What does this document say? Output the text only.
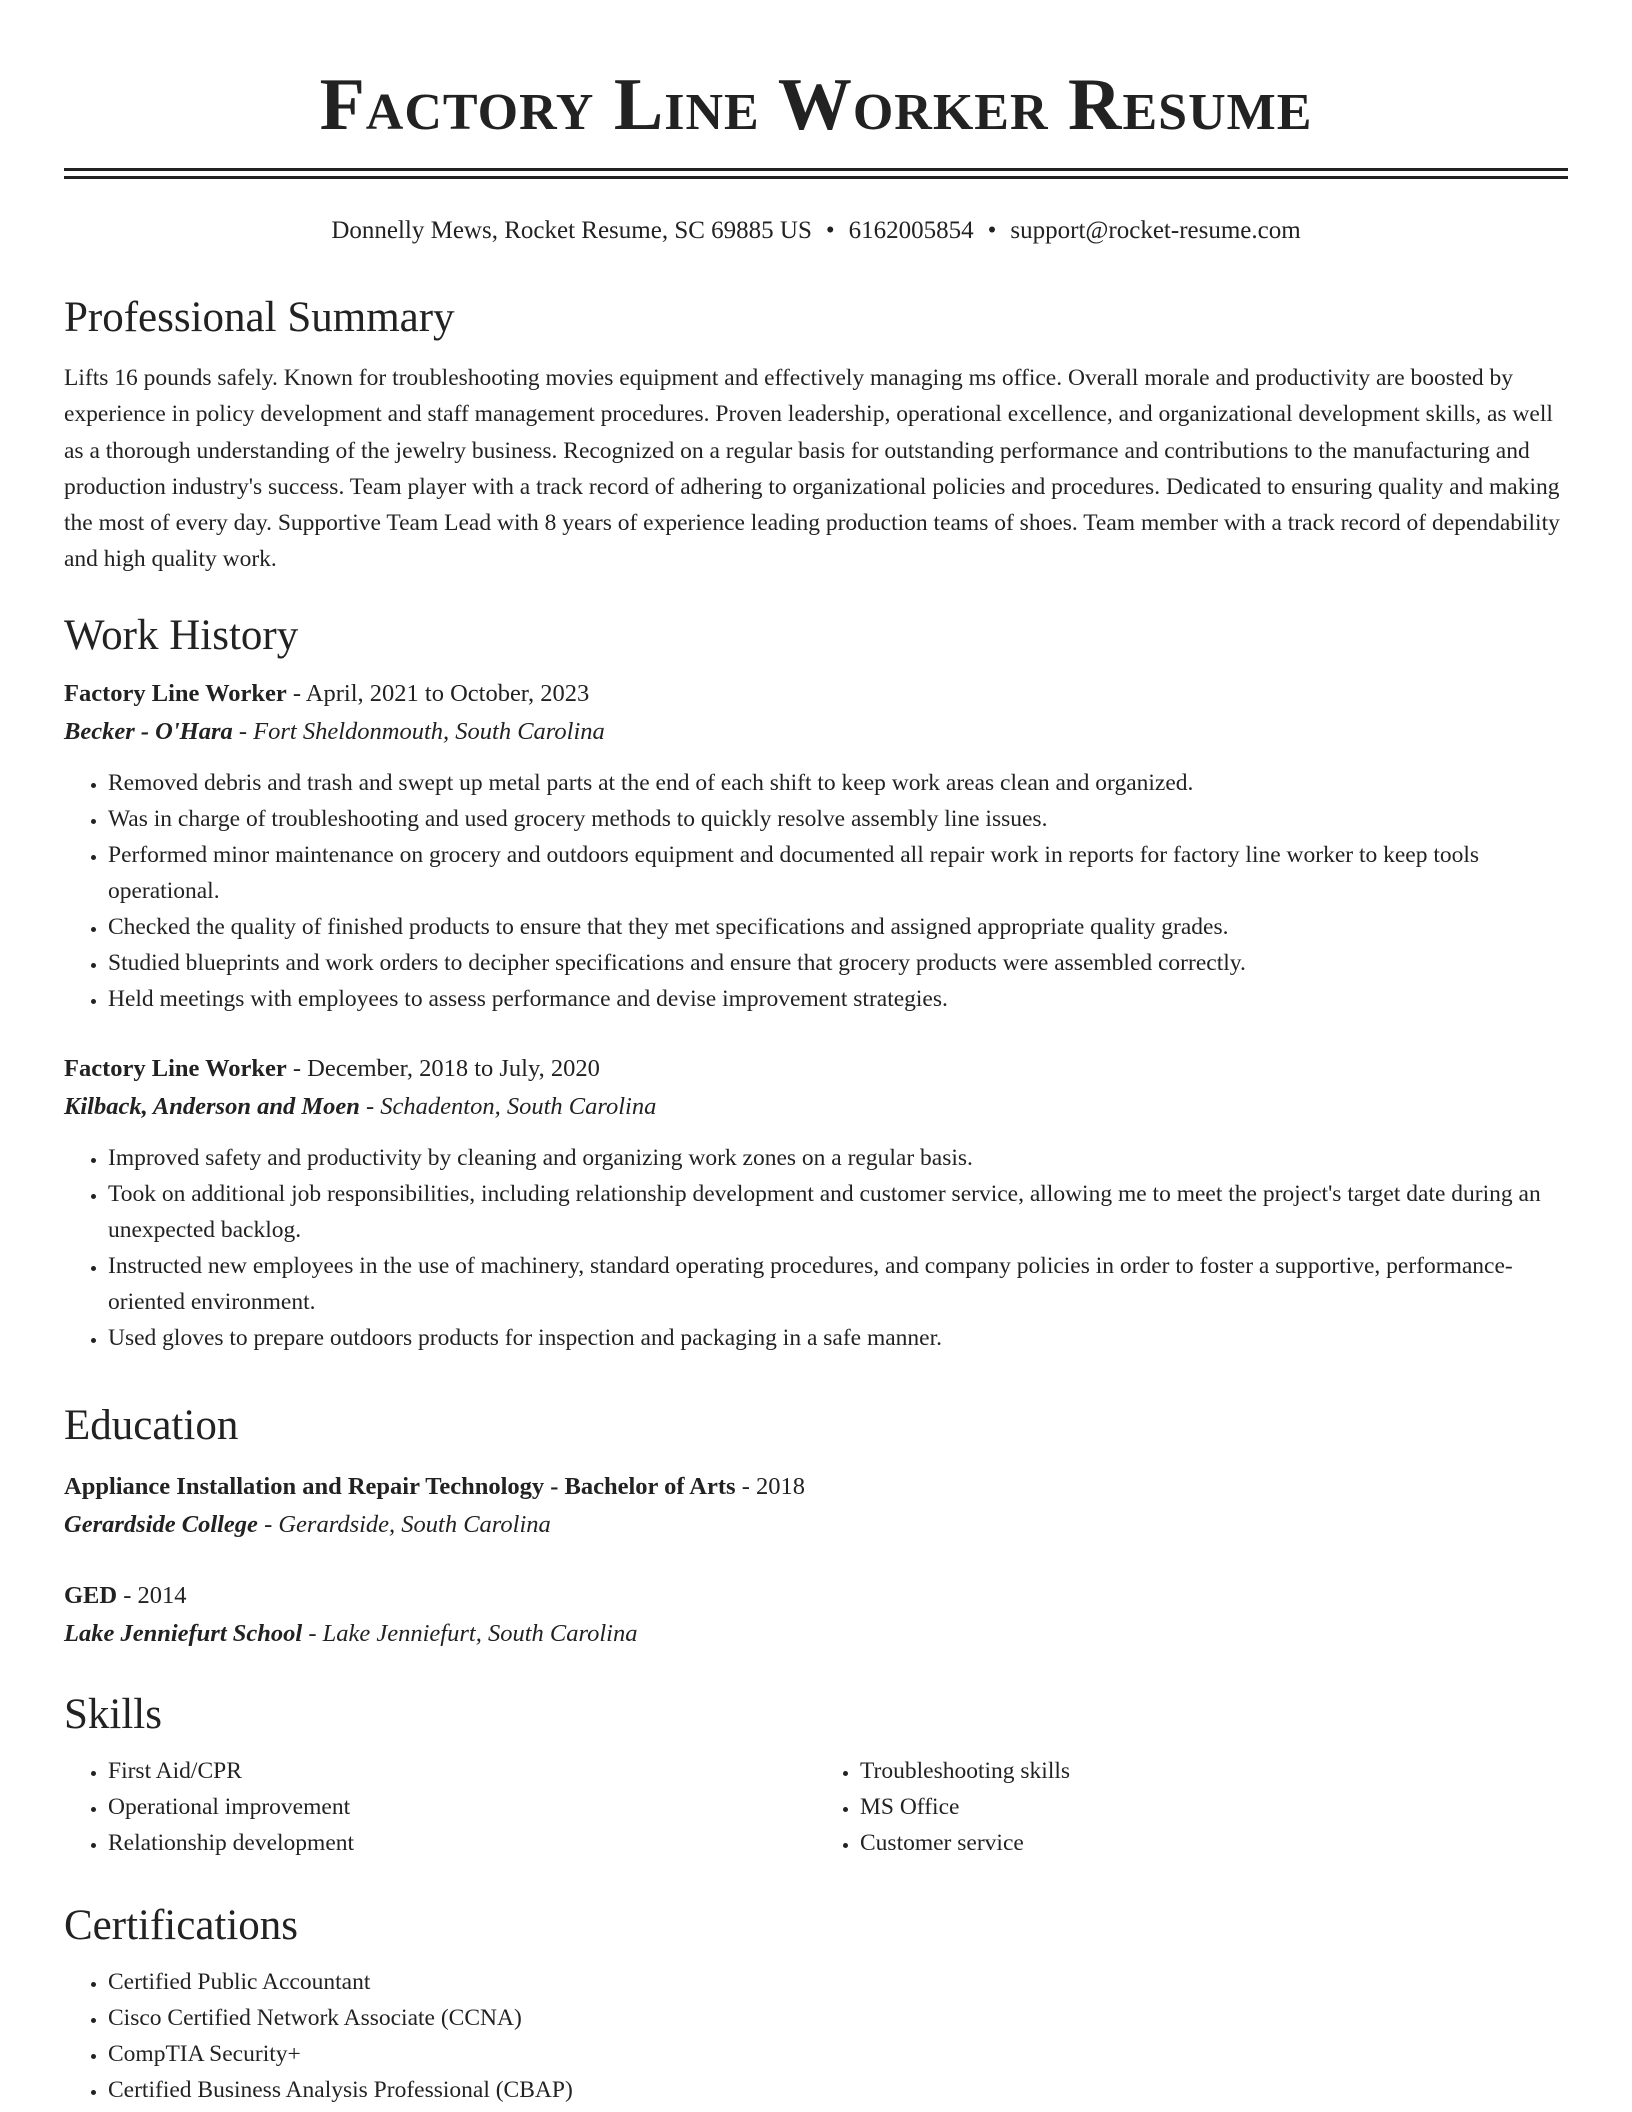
Factory Line Worker Resume
Donnelly Mews, Rocket Resume, SC 69885 US • 6162005854 • support@rocket-resume.com
Professional Summary

Lifts 16 pounds safely. Known for troubleshooting movies equipment and effectively managing ms office. Overall morale and productivity are boosted by experience in policy development and staff management procedures. Proven leadership, operational excellence, and organizational development skills, as well as a thorough understanding of the jewelry business. Recognized on a regular basis for outstanding performance and contributions to the manufacturing and production industry's success. Team player with a track record of adhering to organizational policies and procedures. Dedicated to ensuring quality and making the most of every day. Supportive Team Lead with 8 years of experience leading production teams of shoes. Team member with a track record of dependability and high quality work.

Work History
Factory Line Worker - April, 2021 to October, 2023
Becker - O'Hara - Fort Sheldonmouth, South Carolina
• Removed debris and trash and swept up metal parts at the end of each shift to keep work areas clean and organized.
• Was in charge of troubleshooting and used grocery methods to quickly resolve assembly line issues.
• Performed minor maintenance on grocery and outdoors equipment and documented all repair work in reports for factory line worker to keep tools operational.
• Checked the quality of finished products to ensure that they met specifications and assigned appropriate quality grades.
• Studied blueprints and work orders to decipher specifications and ensure that grocery products were assembled correctly.
• Held meetings with employees to assess performance and devise improvement strategies.
Factory Line Worker - December, 2018 to July, 2020
Kilback, Anderson and Moen - Schadenton, South Carolina
• Improved safety and productivity by cleaning and organizing work zones on a regular basis.
• Took on additional job responsibilities, including relationship development and customer service, allowing me to meet the project's target date during an unexpected backlog.
• Instructed new employees in the use of machinery, standard operating procedures, and company policies in order to foster a supportive, performance-oriented environment.
• Used gloves to prepare outdoors products for inspection and packaging in a safe manner.
Education
Appliance Installation and Repair Technology - Bachelor of Arts - 2018
Gerardside College - Gerardside, South Carolina
GED - 2014
Lake Jenniefurt School - Lake Jenniefurt, South Carolina
Skills
• First Aid/CPR
• Operational improvement
• Relationship development
• Troubleshooting skills
• MS Office
• Customer service
Certifications
• Certified Public Accountant
• Cisco Certified Network Associate (CCNA)
• CompTIA Security+
• Certified Business Analysis Professional (CBAP)
